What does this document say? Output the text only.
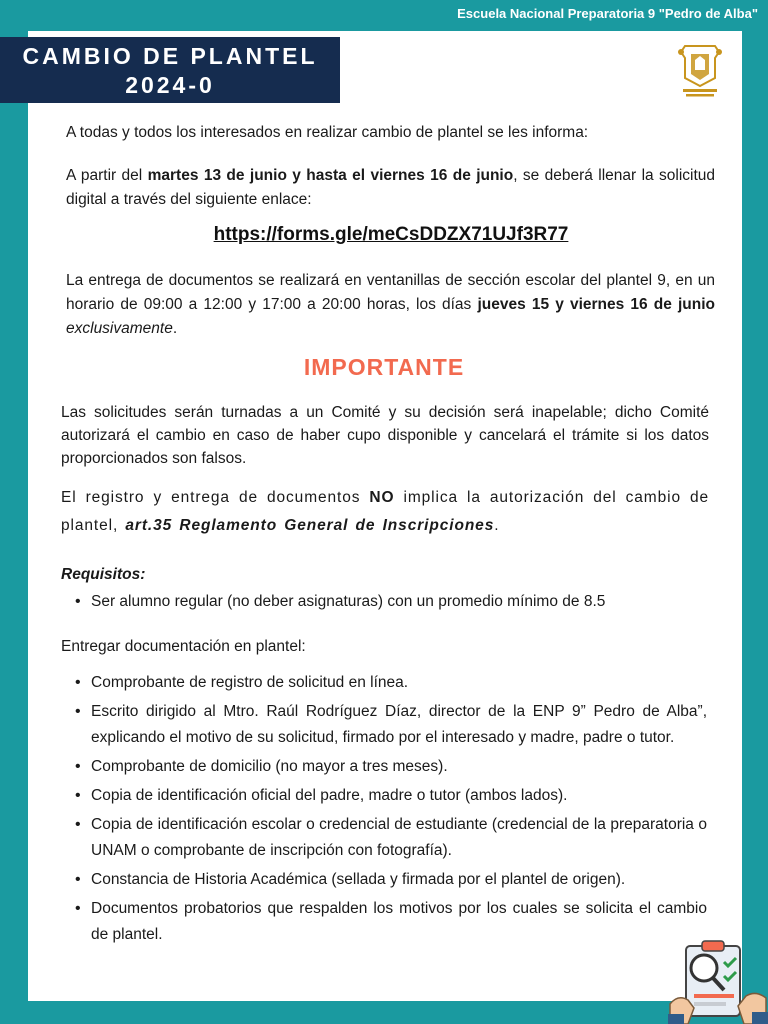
Escuela Nacional Preparatoria 9 "Pedro de Alba"
CAMBIO DE PLANTEL
2024-0

A todas y todos los interesados en realizar cambio de plantel se les informa:

A partir del martes 13 de junio y hasta el viernes 16 de junio, se deberá llenar la solicitud digital a través del siguiente enlace:

https://forms.gle/meCsDDZX71UJf3R77

La entrega de documentos se realizará en ventanillas de sección escolar del plantel 9, en un horario de 09:00 a 12:00 y 17:00 a 20:00 horas, los días jueves 15 y viernes 16 de junio exclusivamente.

IMPORTANTE

Las solicitudes serán turnadas a un Comité y su decisión será inapelable; dicho Comité autorizará el cambio en caso de haber cupo disponible y cancelará el trámite si los datos proporcionados son falsos.

El registro y entrega de documentos NO implica la autorización del cambio de plantel, art.35 Reglamento General de Inscripciones.

Requisitos:

• Ser alumno regular (no deber asignaturas) con un promedio mínimo de 8.5

Entregar documentación en plantel:

• Comprobante de registro de solicitud en línea.
• Escrito dirigido al Mtro. Raúl Rodríguez Díaz, director de la ENP 9” Pedro de Alba”, explicando el motivo de su solicitud, firmado por el interesado y madre, padre o tutor.
• Comprobante de domicilio (no mayor a tres meses).
• Copia de identificación oficial del padre, madre o tutor (ambos lados).
• Copia de identificación escolar o credencial de estudiante (credencial de la preparatoria o UNAM o comprobante de inscripción con fotografía).
• Constancia de Historia Académica (sellada y firmada por el plantel de origen).
• Documentos probatorios que respalden los motivos por los cuales se solicita el cambio de plantel.
